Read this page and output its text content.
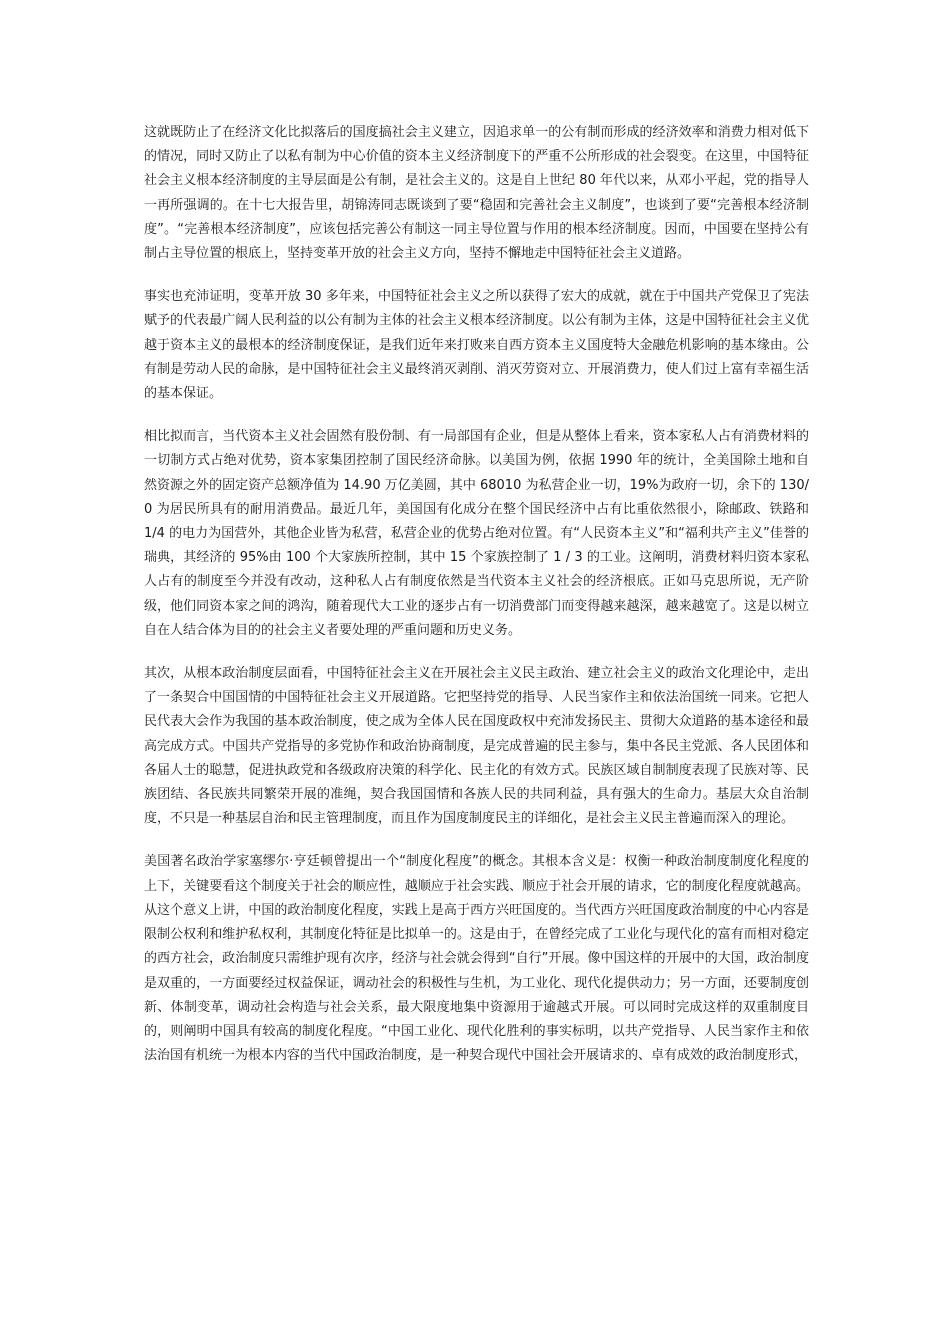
这就既防止了在经济文化比拟落后的国度搞社会主义建立，因追求单一的公有制而形成的经济效率和消费力相对低下的情况，同时又防止了以私有制为中心价值的资本主义经济制度下的严重不公所形成的社会裂变。在这里，中国特征社会主义根本经济制度的主导层面是公有制，是社会主义的。这是自上世纪 80 年代以来，从邓小平起，党的指导人一再所强调的。在十七大报告里，胡锦涛同志既谈到了要“稳固和完善社会主义制度”，也谈到了要“完善根本经济制度”。“完善根本经济制度”，应该包括完善公有制这一同主导位置与作用的根本经济制度。因而，中国要在坚持公有制占主导位置的根底上，坚持变革开放的社会主义方向，坚持不懈地走中国特征社会主义道路。

事实也充沛证明，变革开放 30 多年来，中国特征社会主义之所以获得了宏大的成就，就在于中国共产党保卫了宪法赋予的代表最广阔人民利益的以公有制为主体的社会主义根本经济制度。以公有制为主体，这是中国特征社会主义优越于资本主义的最根本的经济制度保证，是我们近年来打败来自西方资本主义国度特大金融危机影响的基本缘由。公有制是劳动人民的命脉，是中国特征社会主义最终消灭剥削、消灭劳资对立、开展消费力，使人们过上富有幸福生活的基本保证。

相比拟而言，当代资本主义社会固然有股份制、有一局部国有企业，但是从整体上看来，资本家私人占有消费材料的一切制方式占绝对优势，资本家集团控制了国民经济命脉。以美国为例，依据 1990 年的统计，全美国除土地和自然资源之外的固定资产总额净值为 14.90 万亿美圆，其中 68010 为私营企业一切，19%为政府一切，余下的 130/0 为居民所具有的耐用消费品。最近几年，美国国有化成分在整个国民经济中占有比重依然很小，除邮政、铁路和 1/4 的电力为国营外，其他企业皆为私营，私营企业的优势占绝对位置。有“人民资本主义”和“福利共产主义”佳誉的瑞典，其经济的 95%由 100 个大家族所控制，其中 15 个家族控制了 1 / 3 的工业。这阐明，消费材料归资本家私人占有的制度至今并没有改动，这种私人占有制度依然是当代资本主义社会的经济根底。正如马克思所说，无产阶级，他们同资本家之间的鸿沟，随着现代大工业的逐步占有一切消费部门而变得越来越深，越来越宽了。这是以树立自在人结合体为目的的社会主义者要处理的严重问题和历史义务。

其次，从根本政治制度层面看，中国特征社会主义在开展社会主义民主政治、建立社会主义的政治文化理论中，走出了一条契合中国国情的中国特征社会主义开展道路。它把坚持党的指导、人民当家作主和依法治国统一同来。它把人民代表大会作为我国的基本政治制度，使之成为全体人民在国度政权中充沛发扬民主、贯彻大众道路的基本途径和最高完成方式。中国共产党指导的多党协作和政治协商制度，是完成普遍的民主参与，集中各民主党派、各人民团体和各届人士的聪慧，促进执政党和各级政府决策的科学化、民主化的有效方式。民族区域自制制度表现了民族对等、民族团结、各民族共同繁荣开展的准绳，契合我国国情和各族人民的共同利益，具有强大的生命力。基层大众自治制度，不只是一种基层自治和民主管理制度，而且作为国度制度民主的详细化，是社会主义民主普遍而深入的理论。

美国著名政治学家塞缪尔·亨廷顿曾提出一个“制度化程度”的概念。其根本含义是：权衡一种政治制度制度化程度的上下，关键要看这个制度关于社会的顺应性，越顺应于社会实践、顺应于社会开展的请求，它的制度化程度就越高。从这个意义上讲，中国的政治制度化程度，实践上是高于西方兴旺国度的。当代西方兴旺国度政治制度的中心内容是限制公权利和维护私权利，其制度化特征是比拟单一的。这是由于，在曾经完成了工业化与现代化的富有而相对稳定的西方社会，政治制度只需维护现有次序，经济与社会就会得到“自行”开展。像中国这样的开展中的大国，政治制度是双重的，一方面要经过权益保证，调动社会的积极性与生机，为工业化、现代化提供动力；另一方面，还要制度创新、体制变革，调动社会构造与社会关系，最大限度地集中资源用于逾越式开展。可以同时完成这样的双重制度目的，则阐明中国具有较高的制度化程度。“中国工业化、现代化胜利的事实标明，以共产党指导、人民当家作主和依法治国有机统一为根本内容的当代中国政治制度，是一种契合现代中国社会开展请求的、卓有成效的政治制度形式，
